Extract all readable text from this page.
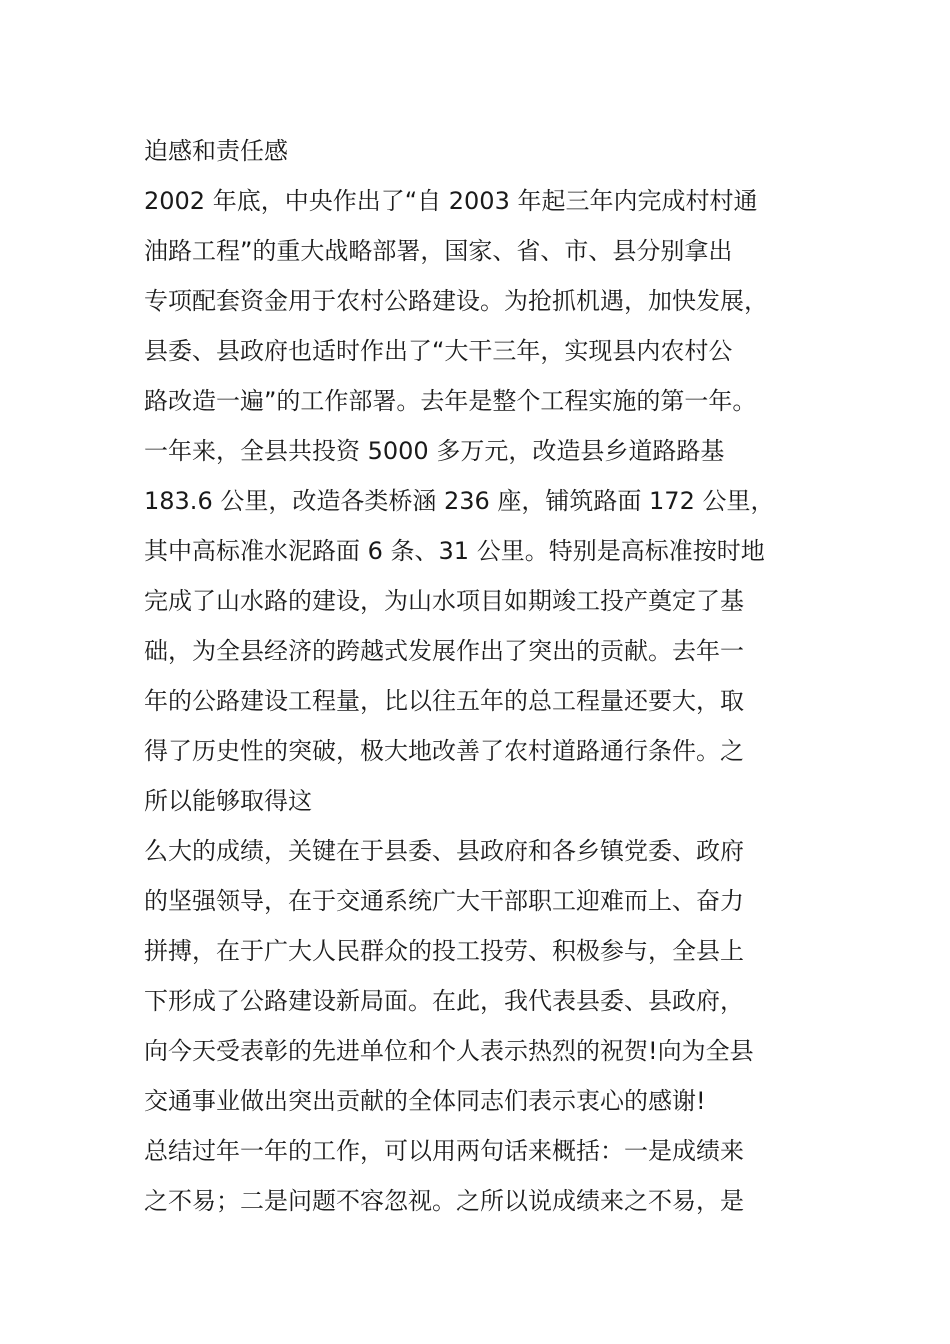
迫感和责任感
2002 年底，中央作出了“自 2003 年起三年内完成村村通
油路工程”的重大战略部署，国家、省、市、县分别拿出
专项配套资金用于农村公路建设。为抢抓机遇，加快发展，
县委、县政府也适时作出了“大干三年，实现县内农村公
路改造一遍”的工作部署。去年是整个工程实施的第一年。
一年来，全县共投资 5000 多万元，改造县乡道路路基
183.6 公里，改造各类桥涵 236 座，铺筑路面 172 公里，
其中高标准水泥路面 6 条、31 公里。特别是高标准按时地
完成了山水路的建设，为山水项目如期竣工投产奠定了基
础，为全县经济的跨越式发展作出了突出的贡献。去年一
年的公路建设工程量，比以往五年的总工程量还要大，取
得了历史性的突破，极大地改善了农村道路通行条件。之
所以能够取得这
么大的成绩，关键在于县委、县政府和各乡镇党委、政府
的坚强领导，在于交通系统广大干部职工迎难而上、奋力
拼搏，在于广大人民群众的投工投劳、积极参与，全县上
下形成了公路建设新局面。在此，我代表县委、县政府，
向今天受表彰的先进单位和个人表示热烈的祝贺!向为全县
交通事业做出突出贡献的全体同志们表示衷心的感谢!
总结过年一年的工作，可以用两句话来概括：一是成绩来
之不易；二是问题不容忽视。之所以说成绩来之不易，是
